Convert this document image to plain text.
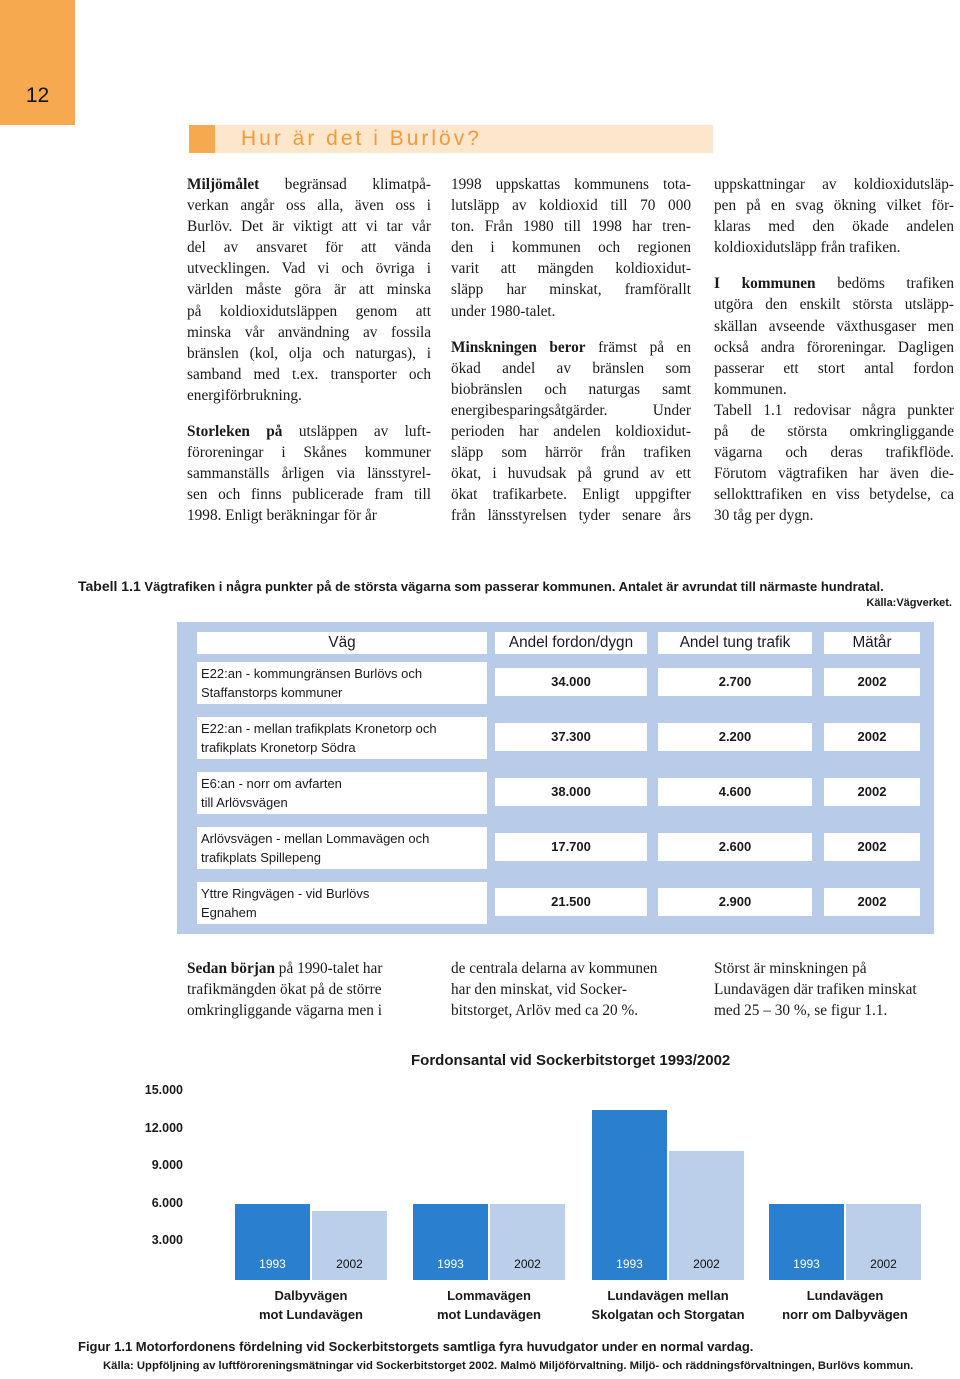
12
Hur är det i Burlöv?

Miljömålet begränsad klimatpå-
verkan angår oss alla, även oss i
Burlöv. Det är viktigt att vi tar vår
del av ansvaret för att vända
utvecklingen. Vad vi och övriga i
världen måste göra är att minska
på koldioxidutsläppen genom att
minska vår användning av fossila
bränslen (kol, olja och naturgas), i
samband med t.ex. transporter och
energiförbrukning.

Storleken på utsläppen av luft-
föroreningar i Skånes kommuner
sammanställs årligen via länsstyrel-
sen och finns publicerade fram till
1998. Enligt beräkningar för år

1998 uppskattas kommunens tota-
lutsläpp av koldioxid till 70 000
ton. Från 1980 till 1998 har tren-
den i kommunen och regionen
varit att mängden koldioxidut-
släpp har minskat, framförallt
under 1980-talet.

Minskningen beror främst på en
ökad andel av bränslen som
biobränslen och naturgas samt
energibesparingsåtgärder. Under
perioden har andelen koldioxidut-
släpp som härrör från trafiken
ökat, i huvudsak på grund av ett
ökat trafikarbete. Enligt uppgifter
från länsstyrelsen tyder senare års

uppskattningar av koldioxidutsläp-
pen på en svag ökning vilket för-
klaras med den ökade andelen
koldioxidutsläpp från trafiken.

I kommunen bedöms trafiken
utgöra den enskilt största utsläpp-
skällan avseende växthusgaser men
också andra föroreningar. Dagligen
passerar ett stort antal fordon
kommunen.
Tabell 1.1 redovisar några punkter
på de största omkringliggande
vägarna och deras trafikflöde.
Förutom vägtrafiken har även die-
sellokttrafiken en viss betydelse, ca
30 tåg per dygn.

Tabell 1.1 Vägtrafiken i några punkter på de största vägarna som passerar kommunen. Antalet är avrundat till närmaste hundratal.
Källa:Vägverket.
Väg	Andel fordon/dygn	Andel tung trafik	Mätår
E22:an - kommungränsen Burlövs och
Staffanstorps kommuner
34.000	2.700	2002
E22:an - mellan trafikplats Kronetorp och
trafikplats Kronetorp Södra
37.300	2.200	2002
E6:an - norr om avfarten
till Arlövsvägen
38.000	4.600	2002
Arlövsvägen - mellan Lommavägen och
trafikplats Spillepeng
17.700	2.600	2002
Yttre Ringvägen - vid Burlövs
Egnahem
21.500	2.900	2002
Sedan början på 1990-talet har
trafikmängden ökat på de större
omkringliggande vägarna men i
de centrala delarna av kommunen
har den minskat, vid Socker-
bitstorget, Arlöv med ca 20 %.
Störst är minskningen på
Lundavägen där trafiken minskat
med 25 – 30 %, se figur 1.1.
Fordonsantal vid Sockerbitstorget 1993/2002
3.000
6.000
9.000
12.000
15.000
1993	2002
Dalbyvägen
mot Lundavägen
1993	2002
Lommavägen
mot Lundavägen
1993	2002
Lundavägen mellan
Skolgatan och Storgatan
1993	2002
Lundavägen
norr om Dalbyvägen
Figur 1.1 Motorfordonens fördelning vid Sockerbitstorgets samtliga fyra huvudgator under en normal vardag.
Källa: Uppföljning av luftföroreningsmätningar vid Sockerbitstorget 2002. Malmö Miljöförvaltning. Miljö- och räddningsförvaltningen, Burlövs kommun.
